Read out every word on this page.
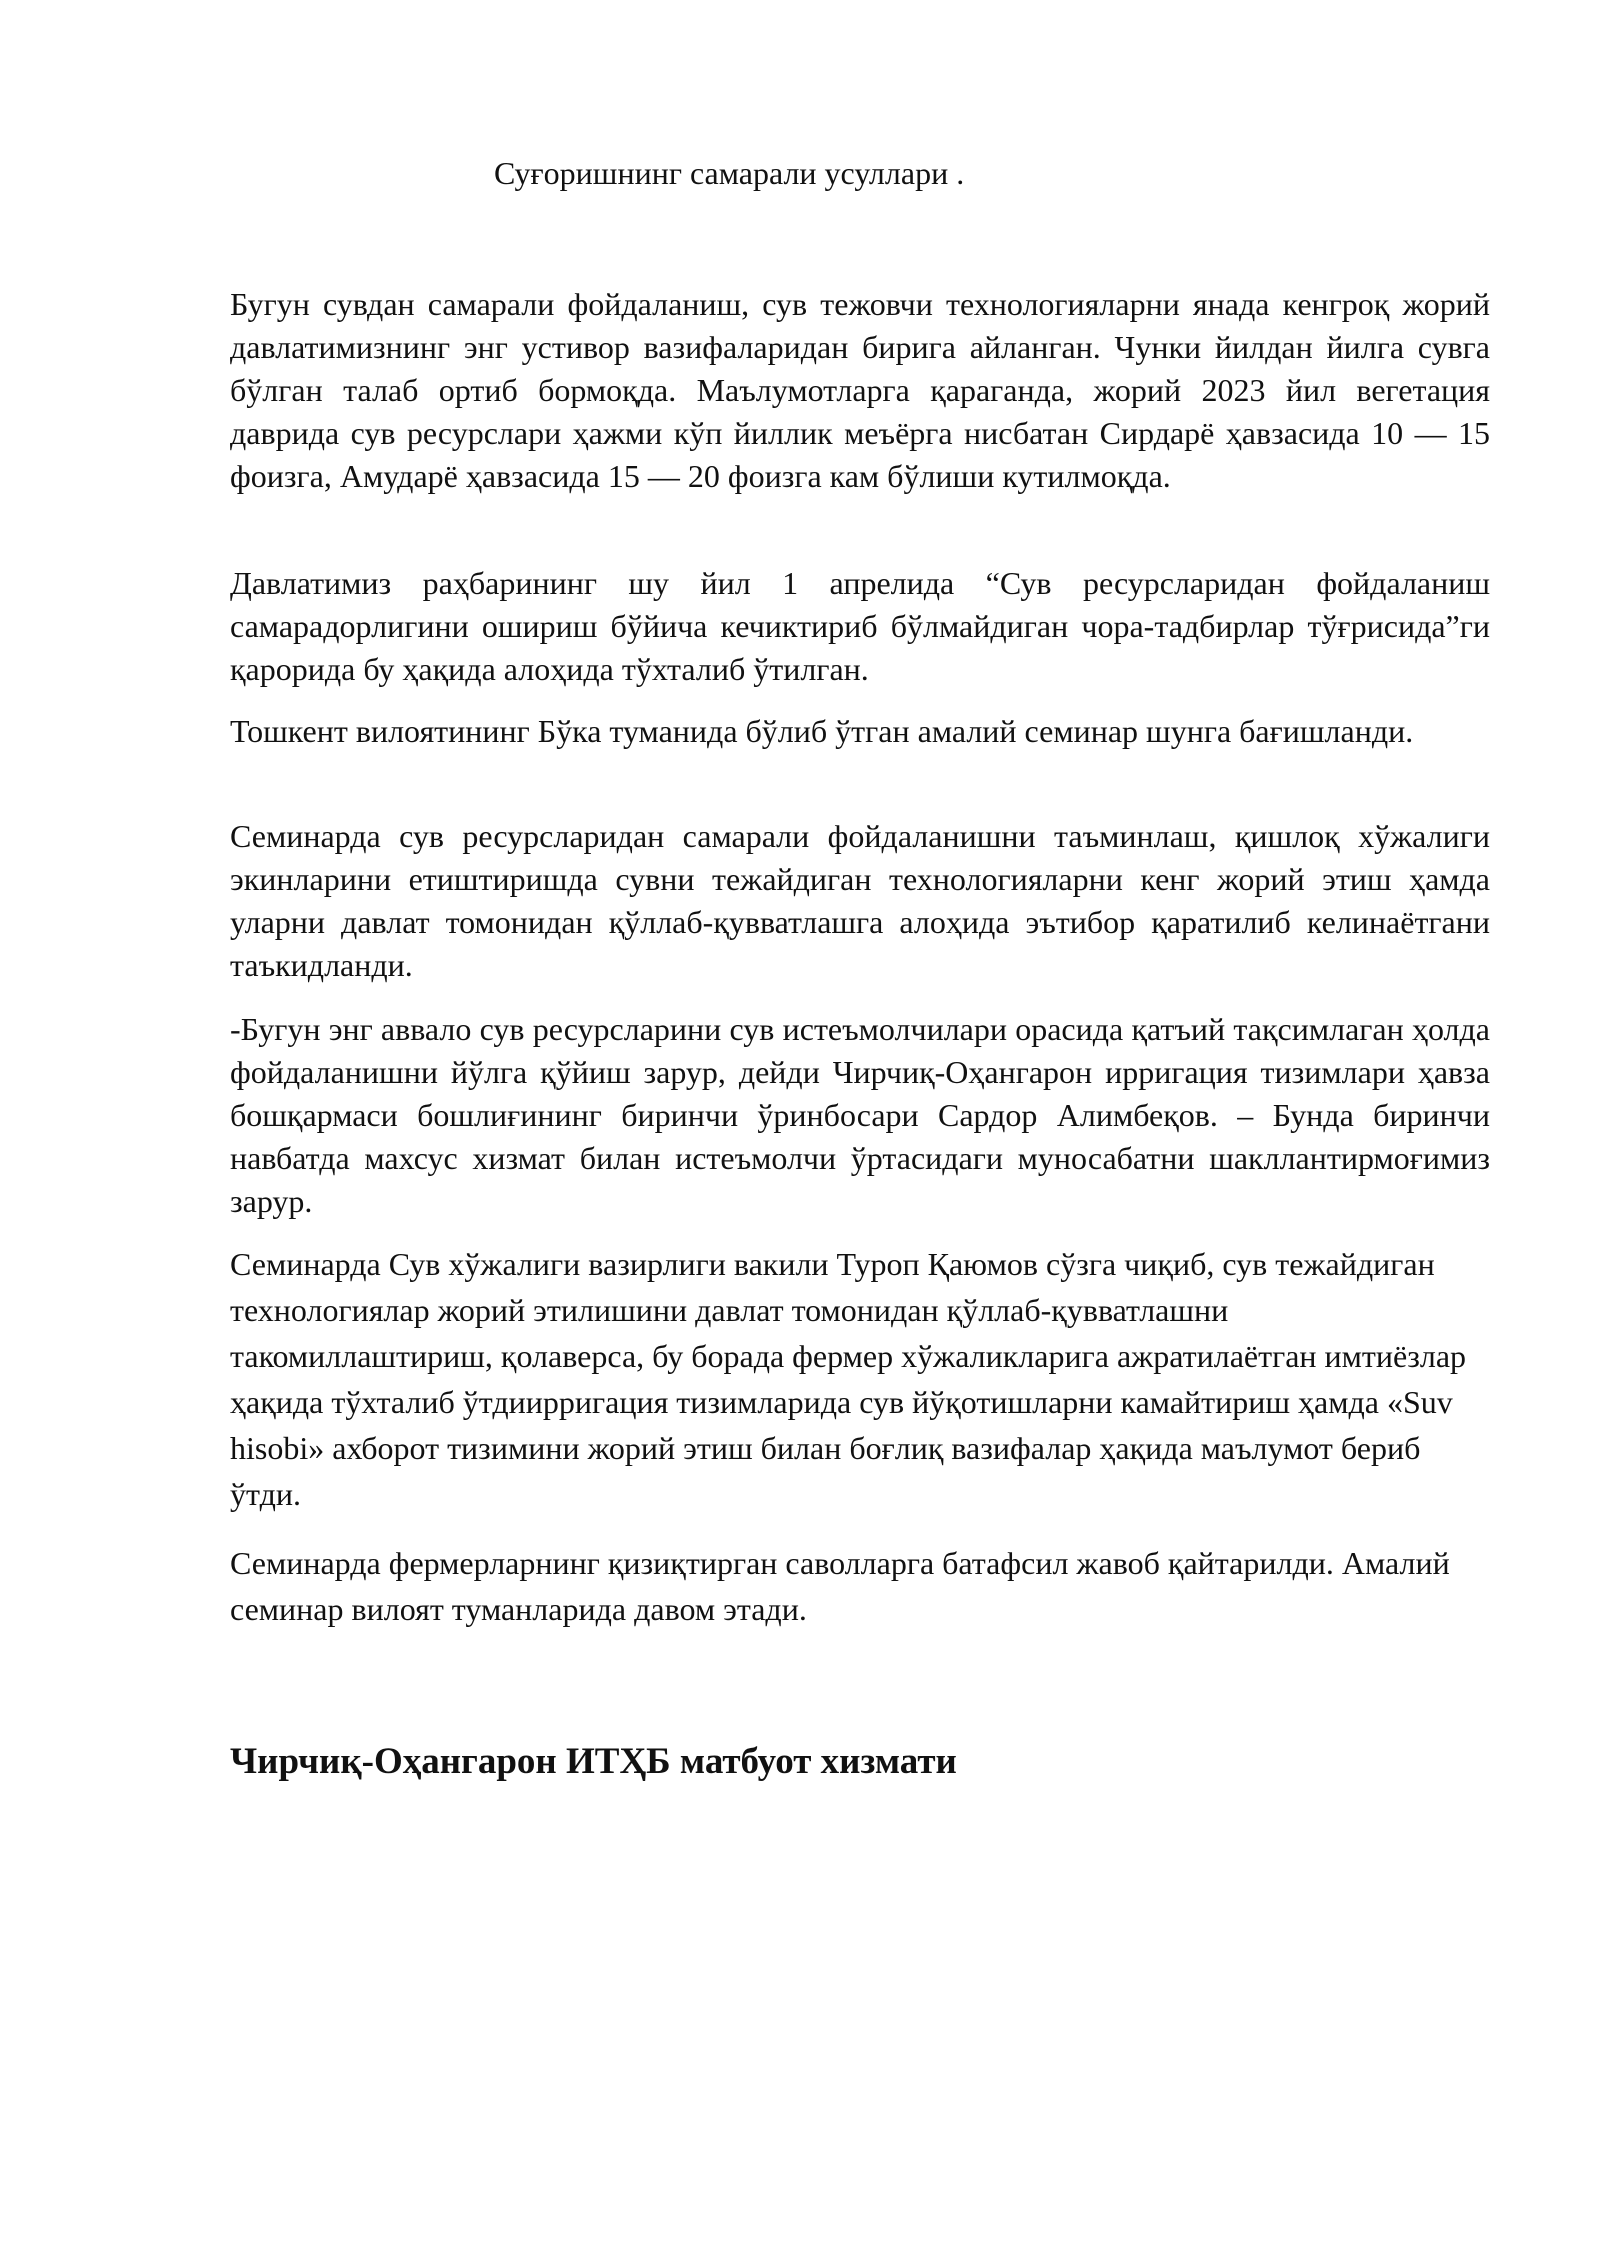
Суғоришнинг самарали усуллари .

Бугун сувдан самарали фойдаланиш, сув тежовчи технологияларни янада кенгроқ жорий давлатимизнинг энг устивор вазифаларидан бирига айланган. Чунки йилдан йилга сувга бўлган талаб ортиб бормоқда. Маълумотларга қараганда, жорий 2023 йил вегетация даврида сув ресурслари ҳажми кўп йиллик меъёрга нисбатан Сирдарё ҳавзасида 10 — 15 фоизга, Амударё ҳавзасида 15 — 20 фоизга кам бўлиши кутилмоқда.

Давлатимиз раҳбарининг шу йил 1 апрелида “Сув ресурсларидан фойдаланиш самарадорлигини ошириш бўйича кечиктириб бўлмайдиган чора-тадбирлар тўғрисида”ги қарорида бу ҳақида алоҳида тўхталиб ўтилган.

Тошкент вилоятининг Бўка туманида бўлиб ўтган амалий семинар шунга бағишланди.

Семинарда сув ресурсларидан самарали фойдаланишни таъминлаш, қишлоқ хўжалиги экинларини етиштиришда сувни тежайдиган технологияларни кенг жорий этиш ҳамда уларни давлат томонидан қўллаб-қувватлашга алоҳида эътибор қаратилиб келинаётгани таъкидланди.

-Бугун энг аввало сув ресурсларини сув истеъмолчилари орасида қатъий тақсимлаган ҳолда фойдаланишни йўлга қўйиш зарур, дейди Чирчиқ-Оҳангарон ирригация тизимлари ҳавза бошқармаси бошлиғининг биринчи ўринбосари Сардор Алимбеқов. – Бунда биринчи навбатда махсус хизмат билан истеъмолчи ўртасидаги муносабатни шакллантирмоғимиз зарур.

Семинарда Сув хўжалиги вазирлиги вакили Туроп Қаюмов сўзга чиқиб, сув тежайдиган технологиялар жорий этилишини давлат томонидан қўллаб-қувватлашни такомиллаштириш, қолаверса, бу борада фермер хўжаликларига ажратилаётган имтиёзлар ҳақида тўхталиб ўтдиирригация тизимларида сув йўқотишларни камайтириш ҳамда «Suv hisobi» ахборот тизимини жорий этиш билан боғлиқ вазифалар ҳақида маълумот бериб ўтди.

Семинарда фермерларнинг қизиқтирган саволларга батафсил жавоб қайтарилди. Амалий семинар вилоят туманларида давом этади.

Чирчиқ-Оҳангарон ИТҲБ матбуот хизмати
